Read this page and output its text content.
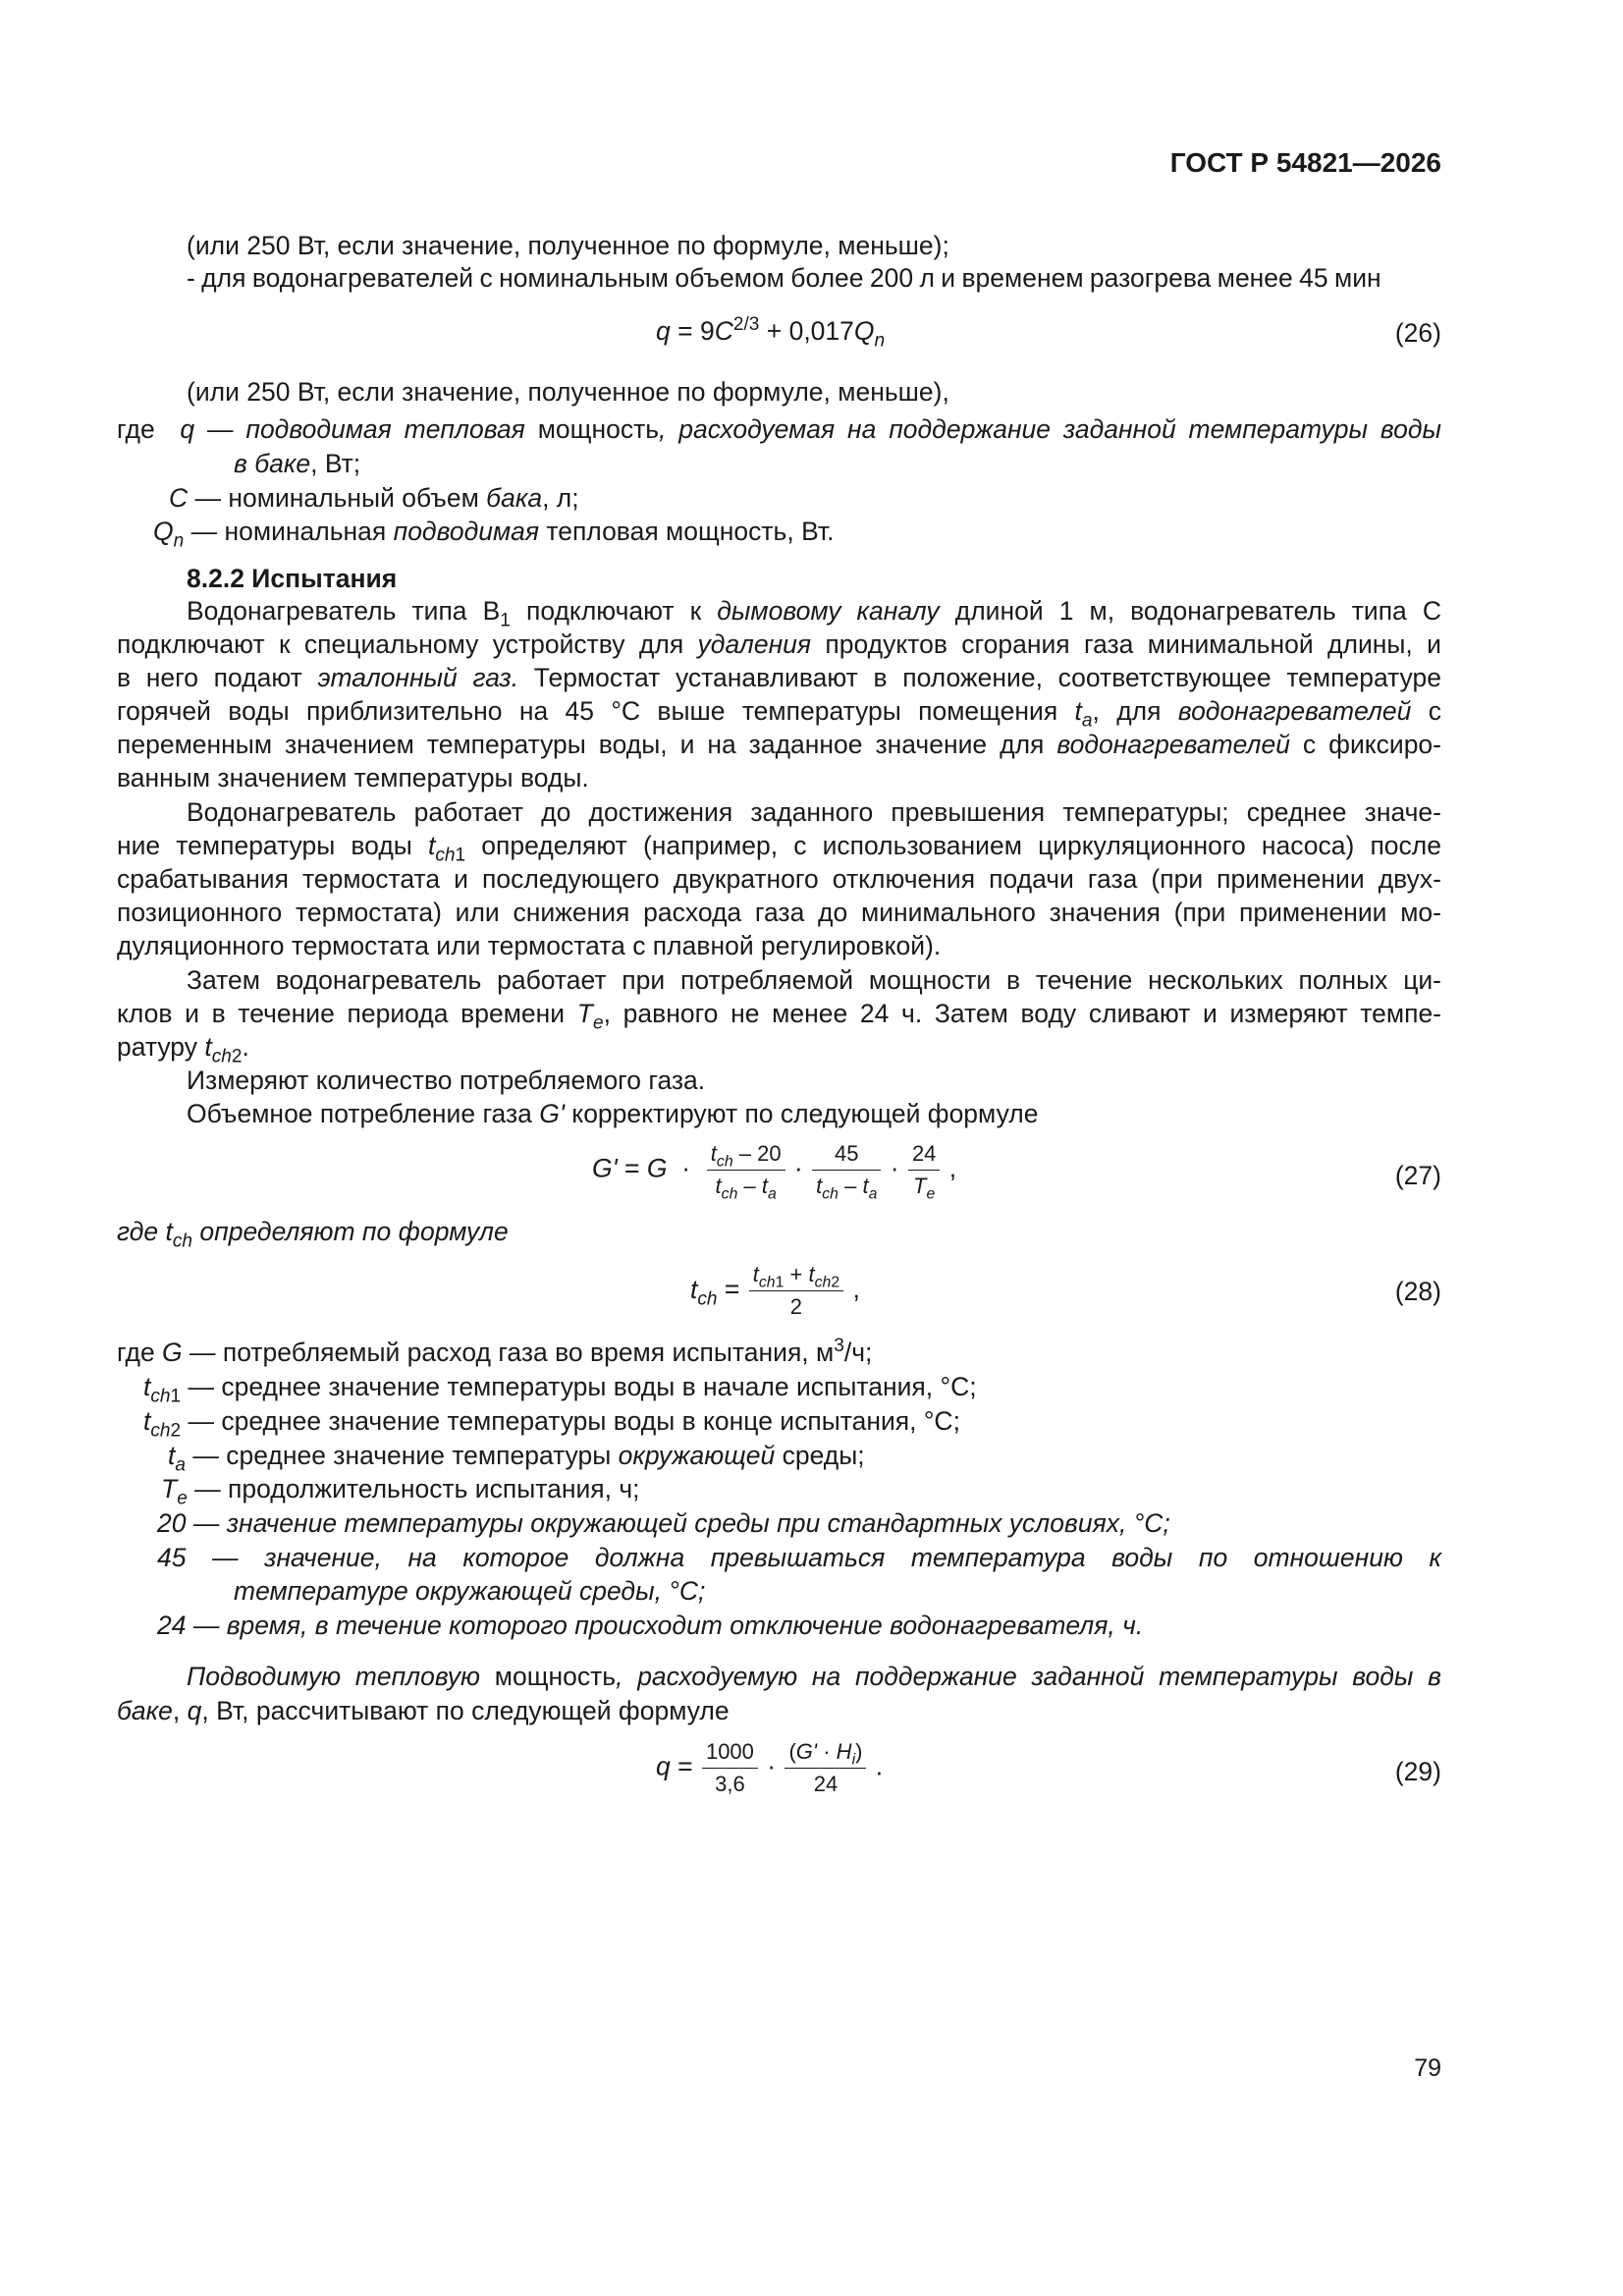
ГОСТ Р 54821—2026
(или 250 Вт, если значение, полученное по формуле, меньше);
- для водонагревателей с номинальным объемом более 200 л и временем разогрева менее 45 мин
$q = 9C^{2/3} + 0,017Q_n$	(26)
(или 250 Вт, если значение, полученное по формуле, меньше),
где  q — подводимая тепловая мощность, расходуемая на поддержание заданной температуры воды
в баке, Вт;
С — номинальный объем бака, л;
$Q_n$ — номинальная подводимая тепловая мощность, Вт.
8.2.2 Испытания
Водонагреватель типа $В_1$ подключают к дымовому каналу длиной 1 м, водонагреватель типа С
подключают к специальному устройству для удаления продуктов сгорания газа минимальной длины, и
в него подают эталонный газ. Термостат устанавливают в положение, соответствующее температуре
горячей воды приблизительно на 45 °С выше температуры помещения $t_a$, для водонагревателей с
переменным значением температуры воды, и на заданное значение для водонагревателей с фиксиро-
ванным значением температуры воды.
Водонагреватель работает до достижения заданного превышения температуры; среднее значе-
ние температуры воды $t_{ch1}$ определяют (например, с использованием циркуляционного насоса) после
срабатывания термостата и последующего двукратного отключения подачи газа (при применении двух-
позиционного термостата) или снижения расхода газа до минимального значения (при применении мо-
дуляционного термостата или термостата с плавной регулировкой).
Затем водонагреватель работает при потребляемой мощности в течение нескольких полных ци-
клов и в течение периода времени $T_e$, равного не менее 24 ч. Затем воду сливают и измеряют темпе-
ратуру $t_{ch2}$.
Измеряют количество потребляемого газа.
Объемное потребление газа G' корректируют по следующей формуле
$G' = G \cdot \frac{t_{ch} - 20}{t_{ch} - t_a} \cdot \frac{45}{t_{ch} - t_a} \cdot \frac{24}{T_e}$ ,	(27)
где $t_{ch}$ определяют по формуле
$t_{ch} = \frac{t_{ch1} + t_{ch2}}{2}$ ,	(28)
где G — потребляемый расход газа во время испытания, $м^3/ч$;
$t_{ch1}$ — среднее значение температуры воды в начале испытания, °С;
$t_{ch2}$ — среднее значение температуры воды в конце испытания, °С;
$t_a$ — среднее значение температуры окружающей среды;
$T_e$ — продолжительность испытания, ч;
20 — значение температуры окружающей среды при стандартных условиях, °С;
45 — значение, на которое должна превышаться температура воды по отношению к
температуре окружающей среды, °С;
24 — время, в течение которого происходит отключение водонагревателя, ч.
Подводимую тепловую мощность, расходуемую на поддержание заданной температуры воды в
баке, q, Вт, рассчитывают по следующей формуле
$q = \frac{1000}{3,6} \cdot \frac{(G' \cdot H_i)}{24}$ .	(29)
79
